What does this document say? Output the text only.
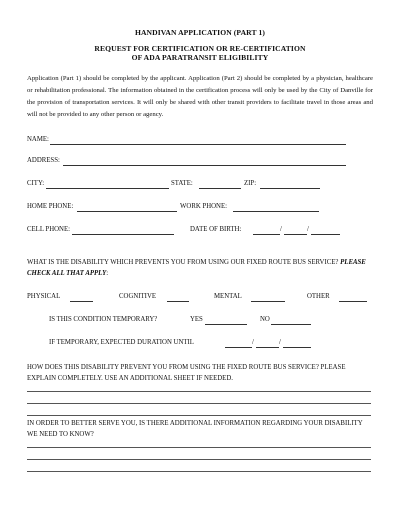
HANDIVAN APPLICATION (PART 1)
REQUEST FOR CERTIFICATION OR RE-CERTIFICATION
OF ADA PARATRANSIT ELIGIBILITY
Application (Part 1) should be completed by the applicant. Application (Part 2) should be completed by a physician, healthcare or rehabilitation professional. The information obtained in the certification process will only be used by the City of Danville for the provision of transportation services. It will only be shared with other transit providers to facilitate travel in those areas and will not be provided to any other person or agency.
NAME:
ADDRESS:
CITY:	STATE:	ZIP:
HOME PHONE:	WORK PHONE:
CELL PHONE:	DATE OF BIRTH:	/	/
WHAT IS THE DISABILITY WHICH PREVENTS YOU FROM USING OUR FIXED ROUTE BUS SERVICE? PLEASE CHECK ALL THAT APPLY:
PHYSICAL	COGNITIVE	MENTAL	OTHER
IS THIS CONDITION TEMPORARY?	YES	NO
IF TEMPORARY, EXPECTED DURATION UNTIL	/	/
HOW DOES THIS DISABILITY PREVENT YOU FROM USING THE FIXED ROUTE BUS SERVICE? PLEASE EXPLAIN COMPLETELY. USE AN ADDITIONAL SHEET IF NEEDED.
IN ORDER TO BETTER SERVE YOU, IS THERE ADDITIONAL INFORMATION REGARDING YOUR DISABILITY WE NEED TO KNOW?
